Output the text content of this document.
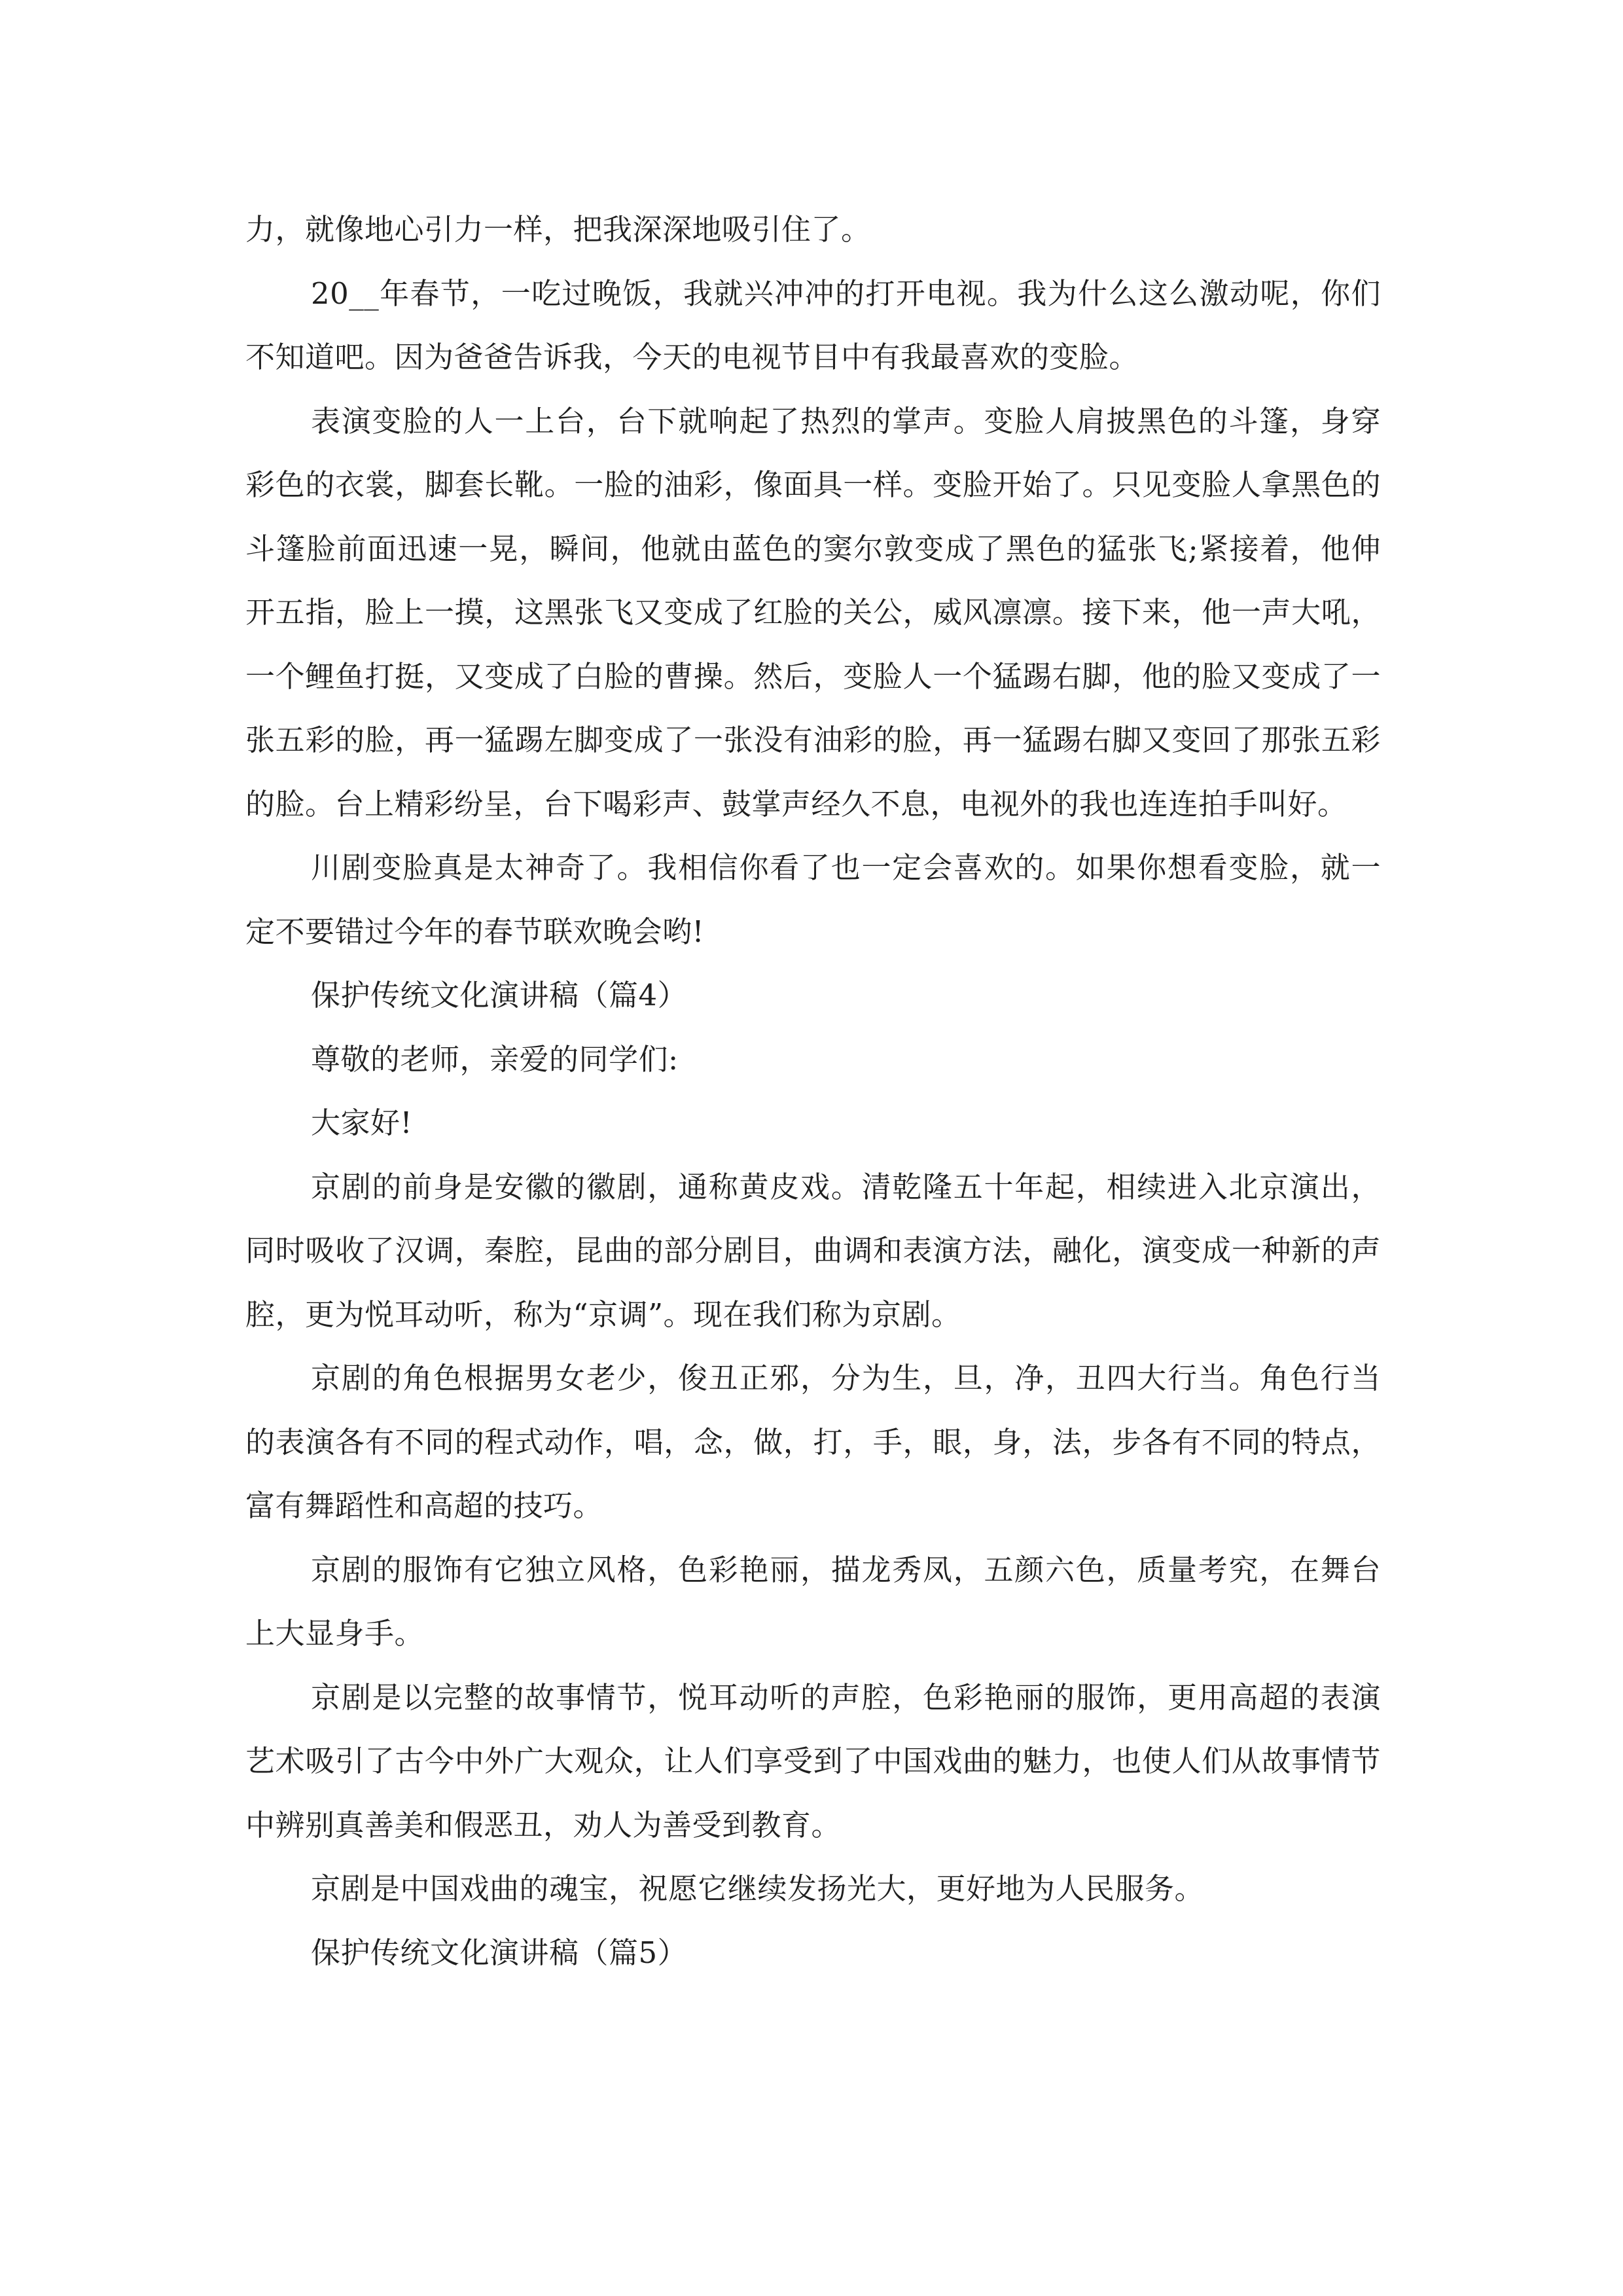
力，就像地心引力一样，把我深深地吸引住了。

20__年春节，一吃过晚饭，我就兴冲冲的打开电视。我为什么这么激动呢，你们不知道吧。因为爸爸告诉我，今天的电视节目中有我最喜欢的变脸。

表演变脸的人一上台，台下就响起了热烈的掌声。变脸人肩披黑色的斗篷，身穿彩色的衣裳，脚套长靴。一脸的油彩，像面具一样。变脸开始了。只见变脸人拿黑色的斗篷脸前面迅速一晃，瞬间，他就由蓝色的窦尔敦变成了黑色的猛张飞;紧接着，他伸开五指，脸上一摸，这黑张飞又变成了红脸的关公，威风凛凛。接下来，他一声大吼，一个鲤鱼打挺，又变成了白脸的曹操。然后，变脸人一个猛踢右脚，他的脸又变成了一张五彩的脸，再一猛踢左脚变成了一张没有油彩的脸，再一猛踢右脚又变回了那张五彩的脸。台上精彩纷呈，台下喝彩声、鼓掌声经久不息，电视外的我也连连拍手叫好。

川剧变脸真是太神奇了。我相信你看了也一定会喜欢的。如果你想看变脸，就一定不要错过今年的春节联欢晚会哟!

保护传统文化演讲稿（篇4）

尊敬的老师，亲爱的同学们:

大家好!

京剧的前身是安徽的徽剧，通称黄皮戏。清乾隆五十年起，相续进入北京演出，同时吸收了汉调，秦腔，昆曲的部分剧目，曲调和表演方法，融化，演变成一种新的声腔，更为悦耳动听，称为“京调”。现在我们称为京剧。

京剧的角色根据男女老少，俊丑正邪，分为生，旦，净，丑四大行当。角色行当的表演各有不同的程式动作，唱，念，做，打，手，眼，身，法，步各有不同的特点，富有舞蹈性和高超的技巧。

京剧的服饰有它独立风格，色彩艳丽，描龙秀凤，五颜六色，质量考究，在舞台上大显身手。

京剧是以完整的故事情节，悦耳动听的声腔，色彩艳丽的服饰，更用高超的表演艺术吸引了古今中外广大观众，让人们享受到了中国戏曲的魅力，也使人们从故事情节中辨别真善美和假恶丑，劝人为善受到教育。

京剧是中国戏曲的魂宝，祝愿它继续发扬光大，更好地为人民服务。

保护传统文化演讲稿（篇5）
